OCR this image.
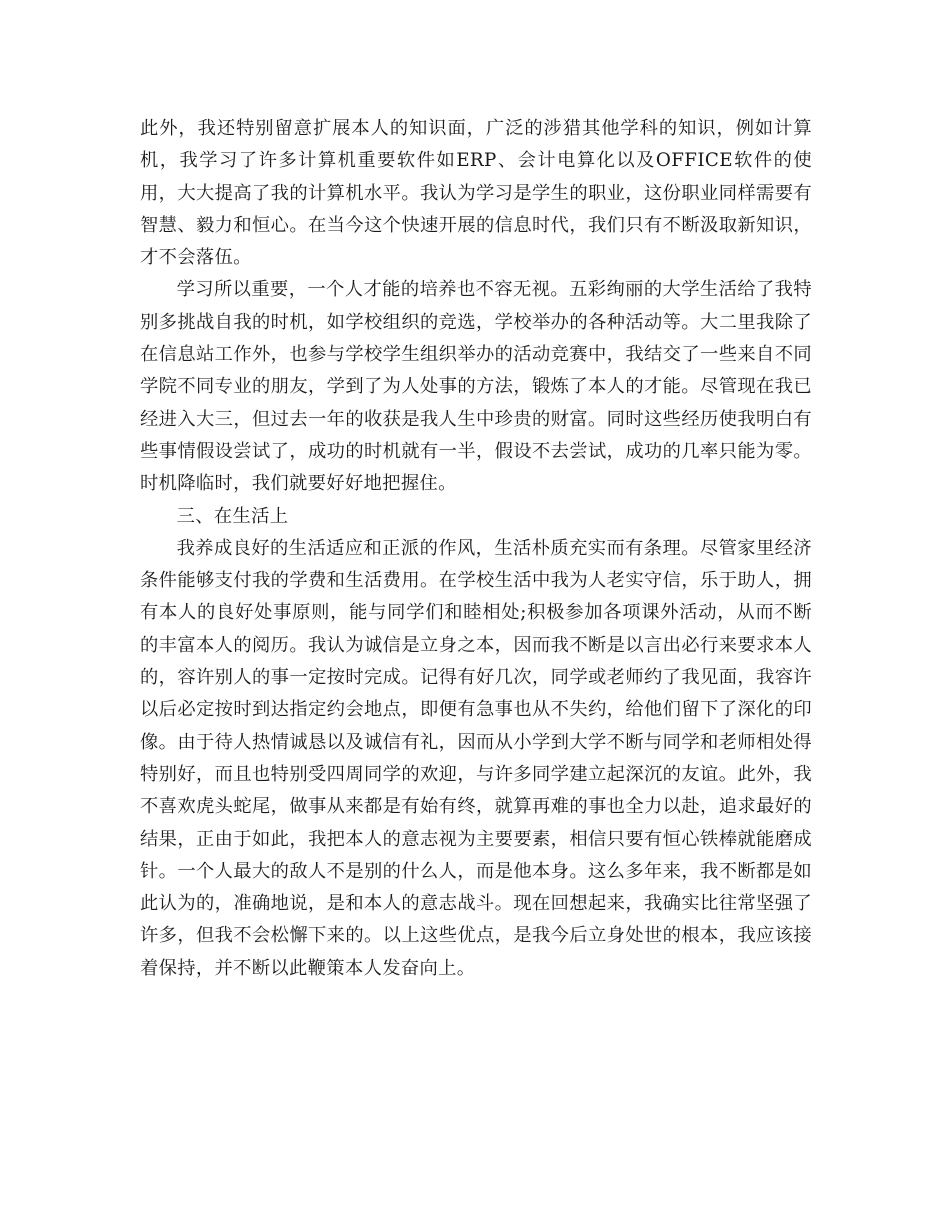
此外，我还特别留意扩展本人的知识面，广泛的涉猎其他学科的知识，例如计算机，我学习了许多计算机重要软件如ERP、会计电算化以及OFFICE软件的使用，大大提高了我的计算机水平。我认为学习是学生的职业，这份职业同样需要有智慧、毅力和恒心。在当今这个快速开展的信息时代，我们只有不断汲取新知识，才不会落伍。

学习所以重要，一个人才能的培养也不容无视。五彩绚丽的大学生活给了我特别多挑战自我的时机，如学校组织的竞选，学校举办的各种活动等。大二里我除了在信息站工作外，也参与学校学生组织举办的活动竞赛中，我结交了一些来自不同学院不同专业的朋友，学到了为人处事的方法，锻炼了本人的才能。尽管现在我已经进入大三，但过去一年的收获是我人生中珍贵的财富。同时这些经历使我明白有些事情假设尝试了，成功的时机就有一半，假设不去尝试，成功的几率只能为零。时机降临时，我们就要好好地把握住。

三、在生活上

我养成良好的生活适应和正派的作风，生活朴质充实而有条理。尽管家里经济条件能够支付我的学费和生活费用。在学校生活中我为人老实守信，乐于助人，拥有本人的良好处事原则，能与同学们和睦相处;积极参加各项课外活动，从而不断的丰富本人的阅历。我认为诚信是立身之本，因而我不断是以言出必行来要求本人的，容许别人的事一定按时完成。记得有好几次，同学或老师约了我见面，我容许以后必定按时到达指定约会地点，即便有急事也从不失约，给他们留下了深化的印像。由于待人热情诚恳以及诚信有礼，因而从小学到大学不断与同学和老师相处得特别好，而且也特别受四周同学的欢迎，与许多同学建立起深沉的友谊。此外，我不喜欢虎头蛇尾，做事从来都是有始有终，就算再难的事也全力以赴，追求最好的结果，正由于如此，我把本人的意志视为主要要素，相信只要有恒心铁棒就能磨成针。一个人最大的敌人不是别的什么人，而是他本身。这么多年来，我不断都是如此认为的，准确地说，是和本人的意志战斗。现在回想起来，我确实比往常坚强了许多，但我不会松懈下来的。以上这些优点，是我今后立身处世的根本，我应该接着保持，并不断以此鞭策本人发奋向上。
